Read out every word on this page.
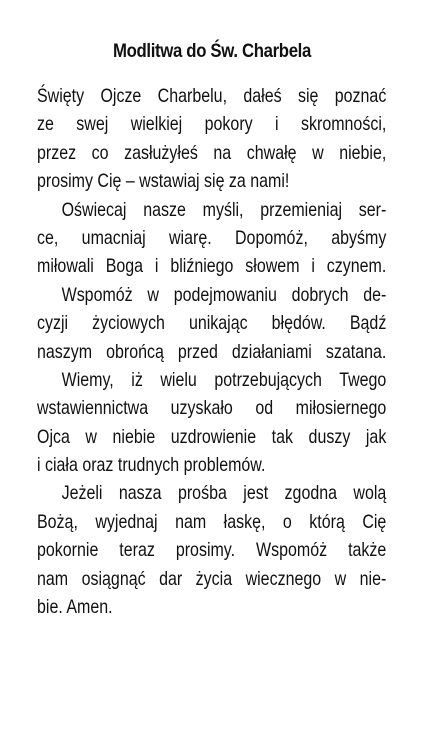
Modlitwa do Św. Charbela
Święty Ojcze Charbelu, dałeś się poznać
ze swej wielkiej pokory i skromności,
przez co zasłużyłeś na chwałę w niebie,
prosimy Cię – wstawiaj się za nami!
Oświecaj nasze myśli, przemieniaj ser-
ce, umacniaj wiarę. Dopomóż, abyśmy
miłowali Boga i bliźniego słowem i czynem.
Wspomóż w podejmowaniu dobrych de-
cyzji życiowych unikając błędów. Bądź
naszym obrońcą przed działaniami szatana.
Wiemy, iż wielu potrzebujących Twego
wstawiennictwa uzyskało od miłosiernego
Ojca w niebie uzdrowienie tak duszy jak
i ciała oraz trudnych problemów.
Jeżeli nasza prośba jest zgodna wolą
Bożą, wyjednaj nam łaskę, o którą Cię
pokornie teraz prosimy. Wspomóż także
nam osiągnąć dar życia wiecznego w nie-
bie. Amen.
